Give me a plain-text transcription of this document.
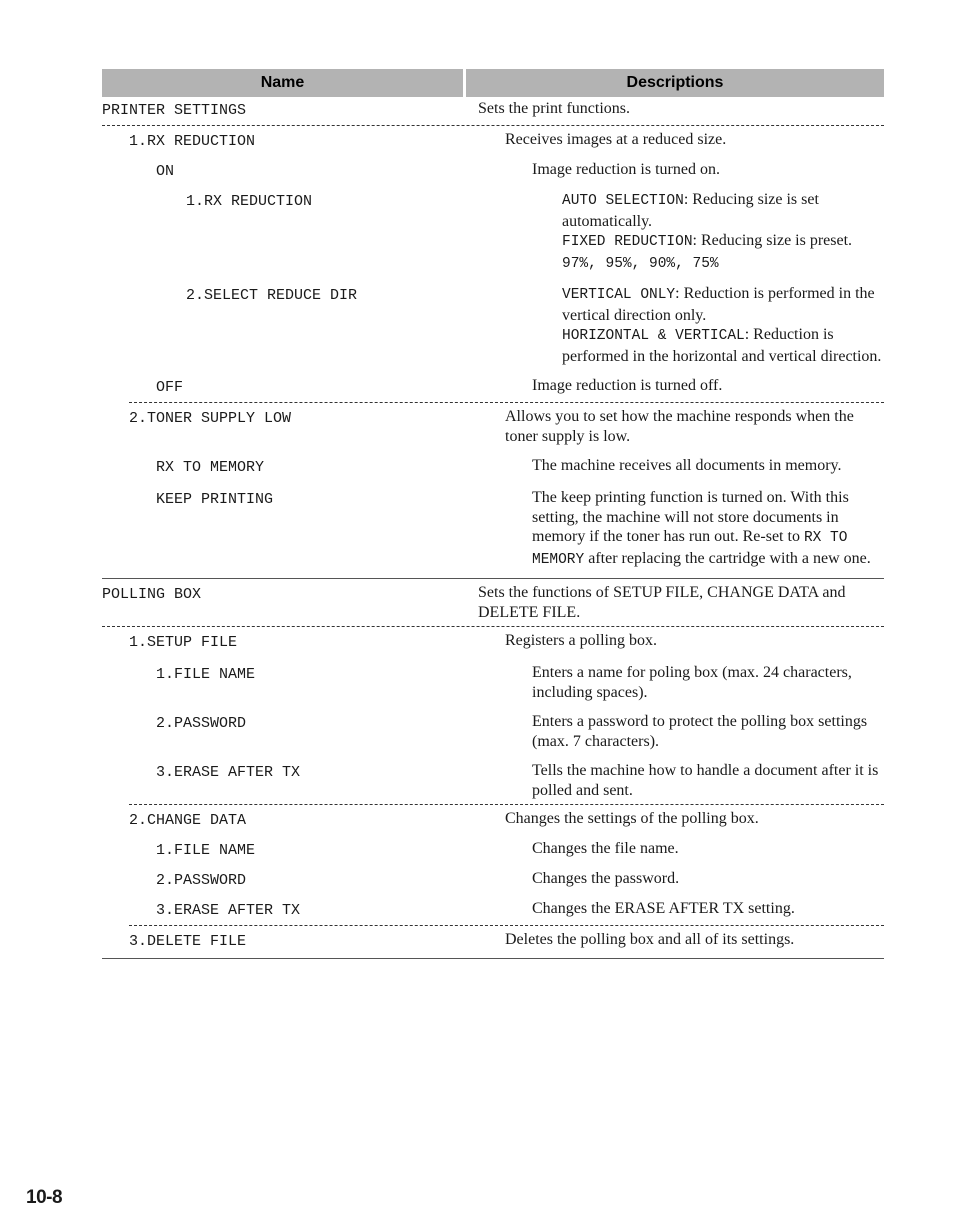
Name	Descriptions
PRINTER SETTINGS	Sets the print functions.
1.RX REDUCTION	Receives images at a reduced size.
ON	Image reduction is turned on.
1.RX REDUCTION	AUTO SELECTION: Reducing size is set automatically.
FIXED REDUCTION: Reducing size is preset.
97%, 95%, 90%, 75%
2.SELECT REDUCE DIR	VERTICAL ONLY: Reduction is performed in the vertical direction only.
HORIZONTAL & VERTICAL: Reduction is performed in the horizontal and vertical direction.
OFF	Image reduction is turned off.
2.TONER SUPPLY LOW	Allows you to set how the machine responds when the toner supply is low.
RX TO MEMORY	The machine receives all documents in memory.
KEEP PRINTING	The keep printing function is turned on. With this setting, the machine will not store documents in memory if the toner has run out. Re-set to RX TO MEMORY after replacing the cartridge with a new one.
POLLING BOX	Sets the functions of SETUP FILE, CHANGE DATA and DELETE FILE.
1.SETUP FILE	Registers a polling box.
1.FILE NAME	Enters a name for poling box (max. 24 characters, including spaces).
2.PASSWORD	Enters a password to protect the polling box settings (max. 7 characters).
3.ERASE AFTER TX	Tells the machine how to handle a document after it is polled and sent.
2.CHANGE DATA	Changes the settings of the polling box.
1.FILE NAME	Changes the file name.
2.PASSWORD	Changes the password.
3.ERASE AFTER TX	Changes the ERASE AFTER TX setting.
3.DELETE FILE	Deletes the polling box and all of its settings.
10-8
